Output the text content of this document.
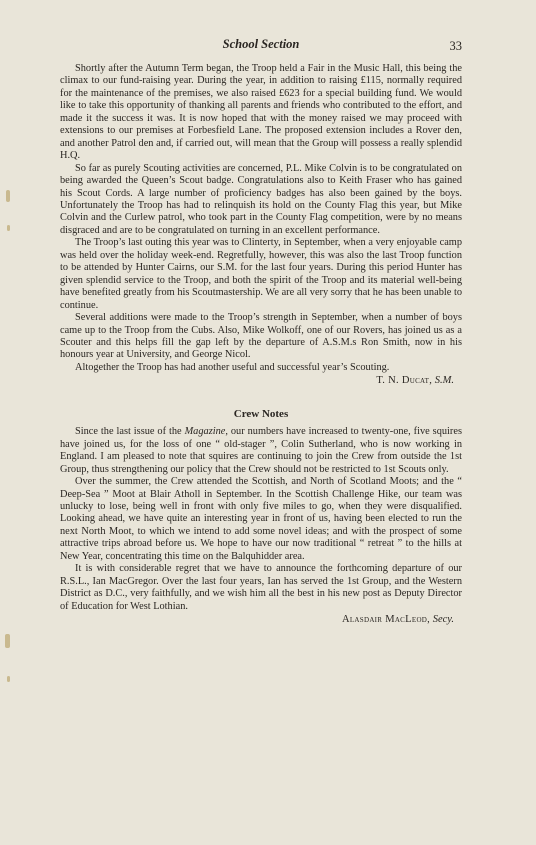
School Section	33

Shortly after the Autumn Term began, the Troop held a Fair in the Music Hall, this being the climax to our fund-raising year. During the year, in addition to raising £115, normally required for the maintenance of the premises, we also raised £623 for a special building fund. We would like to take this opportunity of thanking all parents and friends who contributed to the effort, and made it the success it was. It is now hoped that with the money raised we may proceed with extensions to our premises at Forbesfield Lane. The proposed extension includes a Rover den, and another Patrol den and, if carried out, will mean that the Group will possess a really splendid H.Q.

So far as purely Scouting activities are concerned, P.L. Mike Colvin is to be congratulated on being awarded the Queen’s Scout badge. Congratulations also to Keith Fraser who has gained his Scout Cords. A large number of proficiency badges has also been gained by the boys. Unfortunately the Troop has had to relinquish its hold on the County Flag this year, but Mike Colvin and the Curlew patrol, who took part in the County Flag competition, were by no means disgraced and are to be congratulated on turning in an excellent performance.

The Troop’s last outing this year was to Clinterty, in September, when a very enjoyable camp was held over the holiday week-end. Regretfully, however, this was also the last Troop function to be attended by Hunter Cairns, our S.M. for the last four years. During this period Hunter has given splendid service to the Troop, and both the spirit of the Troop and its material well-being have benefited greatly from his Scoutmastership. We are all very sorry that he has been unable to continue.

Several additions were made to the Troop’s strength in September, when a number of boys came up to the Troop from the Cubs. Also, Mike Wolkoff, one of our Rovers, has joined us as a Scouter and this helps fill the gap left by the departure of A.S.M.s Ron Smith, now in his honours year at University, and George Nicol.

Altogether the Troop has had another useful and successful year’s Scouting.

T. N. Ducat, S.M.
Crew Notes

Since the last issue of the Magazine, our numbers have increased to twenty-one, five squires have joined us, for the loss of one “ old-stager ”, Colin Sutherland, who is now working in England. I am pleased to note that squires are continuing to join the Crew from outside the 1st Group, thus strengthening our policy that the Crew should not be restricted to 1st Scouts only.

Over the summer, the Crew attended the Scottish, and North of Scotland Moots; and the “ Deep-Sea ” Moot at Blair Atholl in September. In the Scottish Challenge Hike, our team was unlucky to lose, being well in front with only five miles to go, when they were disqualified. Looking ahead, we have quite an interesting year in front of us, having been elected to run the next North Moot, to which we intend to add some novel ideas; and with the prospect of some attractive trips abroad before us. We hope to have our now traditional “ retreat ” to the hills at New Year, concentrating this time on the Balquhidder area.

It is with considerable regret that we have to announce the forthcoming departure of our R.S.L., Ian MacGregor. Over the last four years, Ian has served the 1st Group, and the Western District as D.C., very faithfully, and we wish him all the best in his new post as Deputy Director of Education for West Lothian.

Alasdair MacLeod, Secy.
